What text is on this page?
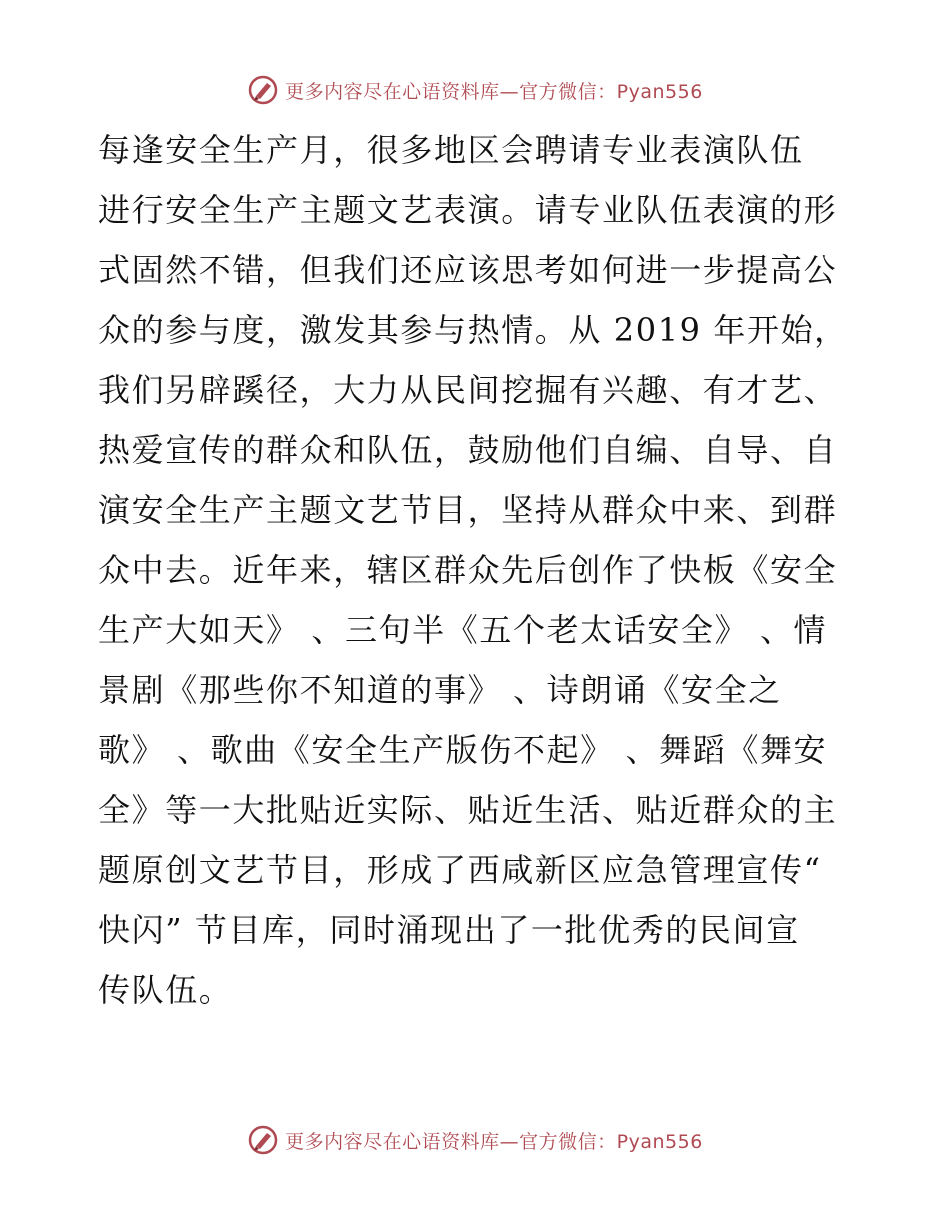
更多内容尽在心语资料库—官方微信：Pyan556
每逢安全生产月，很多地区会聘请专业表演队伍
进行安全生产主题文艺表演。请专业队伍表演的形
式固然不错，但我们还应该思考如何进一步提高公
众的参与度，激发其参与热情。从 2019 年开始，
我们另辟蹊径，大力从民间挖掘有兴趣、有才艺、
热爱宣传的群众和队伍，鼓励他们自编、自导、自
演安全生产主题文艺节目，坚持从群众中来、到群
众中去。近年来，辖区群众先后创作了快板《安全
生产大如天》 、三句半《五个老太话安全》 、情
景剧《那些你不知道的事》 、诗朗诵《安全之
歌》 、歌曲《安全生产版伤不起》 、舞蹈《舞安
全》等一大批贴近实际、贴近生活、贴近群众的主
题原创文艺节目，形成了西咸新区应急管理宣传“
快闪” 节目库，同时涌现出了一批优秀的民间宣
传队伍。
更多内容尽在心语资料库—官方微信：Pyan556
